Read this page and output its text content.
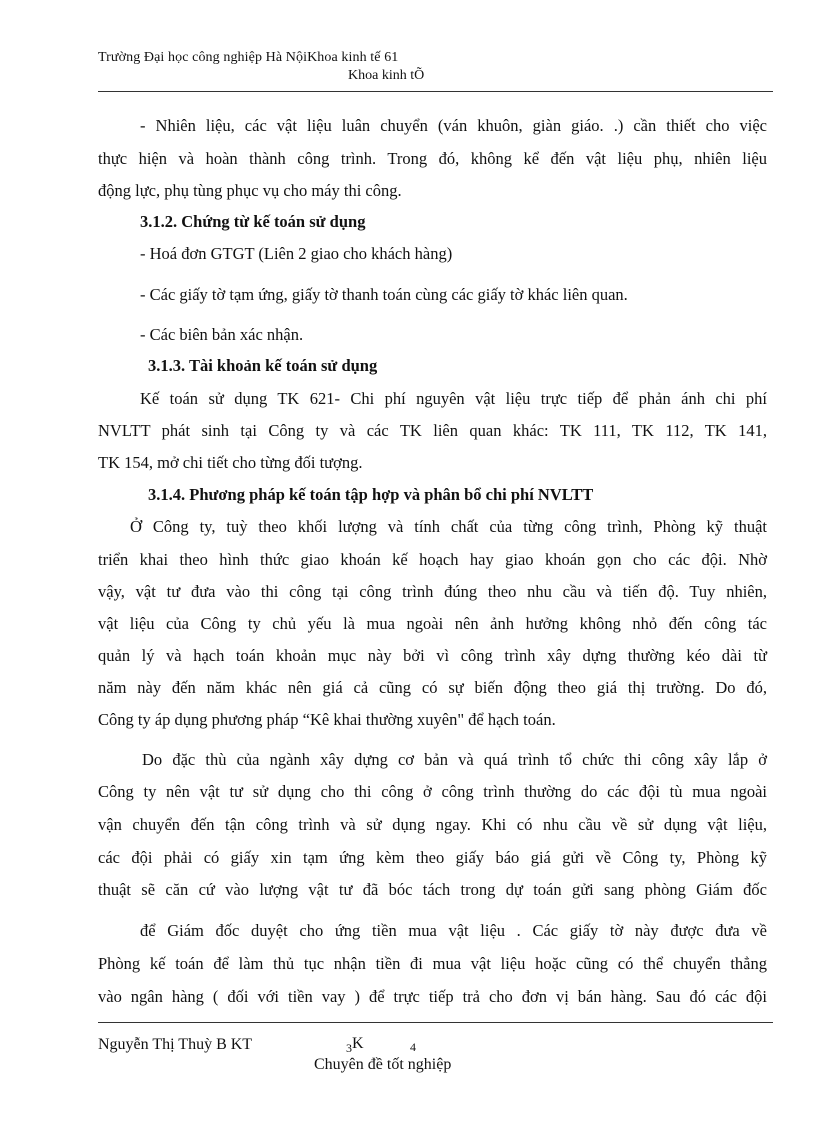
Trường Đại học công nghiệp Hà NộiKhoa kinh tế 61
Khoa kinh tÕ
- Nhiên liệu, các vật liệu luân chuyển (ván khuôn, giàn giáo. .) cần thiết cho việc
thực hiện và hoàn thành công trình. Trong đó, không kể đến vật liệu phụ, nhiên liệu
động lực, phụ tùng phục vụ cho máy thi công.
3.1.2. Chứng từ kế toán sử dụng
- Hoá đơn GTGT (Liên 2 giao cho khách hàng)
- Các giấy tờ tạm ứng, giấy tờ thanh toán cùng các giấy tờ khác liên quan.
- Các biên bản xác nhận.
3.1.3. Tài khoản kế toán sử dụng
Kế toán sử dụng TK 621- Chi phí nguyên vật liệu trực tiếp để phản ánh chi phí
NVLTT phát sinh tại Công ty và các TK liên quan khác: TK 111, TK 112, TK 141,
TK 154, mở chi tiết cho từng đối tượng.
3.1.4. Phương pháp kế toán tập hợp và phân bổ chi phí NVLTT
Ở Công ty, tuỳ theo khối lượng và tính chất của từng công trình, Phòng kỹ thuật
triển khai theo hình thức giao khoán kế hoạch hay giao khoán gọn cho các đội. Nhờ
vậy, vật tư đưa vào thi công tại công trình đúng theo nhu cầu và tiến độ. Tuy nhiên,
vật liệu của Công ty chủ yếu là mua ngoài nên ảnh hưởng không nhỏ đến công tác
quản lý và hạch toán khoản mục này bởi vì công trình xây dựng thường kéo dài từ
năm này đến năm khác nên giá cả cũng có sự biến động theo giá thị trường. Do đó,
Công ty áp dụng phương pháp “Kê khai thường xuyên" để hạch toán.
Do đặc thù của ngành xây dựng cơ bản và quá trình tổ chức thi công xây lắp ở
Công ty nên vật tư sử dụng cho thi công ở công trình thường do các đội tù mua ngoài
vận chuyển đến tận công trình và sử dụng ngay. Khi có nhu cầu về sử dụng vật liệu,
các đội phải có giấy xin tạm ứng kèm theo giấy báo giá gửi về Công ty, Phòng kỹ
thuật sẽ căn cứ vào lượng vật tư đã bóc tách trong dự toán gửi sang phòng Giám đốc
để Giám đốc duyệt cho ứng tiền mua vật liệu . Các giấy tờ này được đưa về
Phòng kế toán để làm thủ tục nhận tiền đi mua vật liệu hoặc cũng có thể chuyển thẳng
vào ngân hàng ( đối với tiền vay ) để trực tiếp trả cho đơn vị bán hàng. Sau đó các đội
Nguyễn Thị Thuỳ B KT	3 K	4
Chuyên đề tốt nghiệp
